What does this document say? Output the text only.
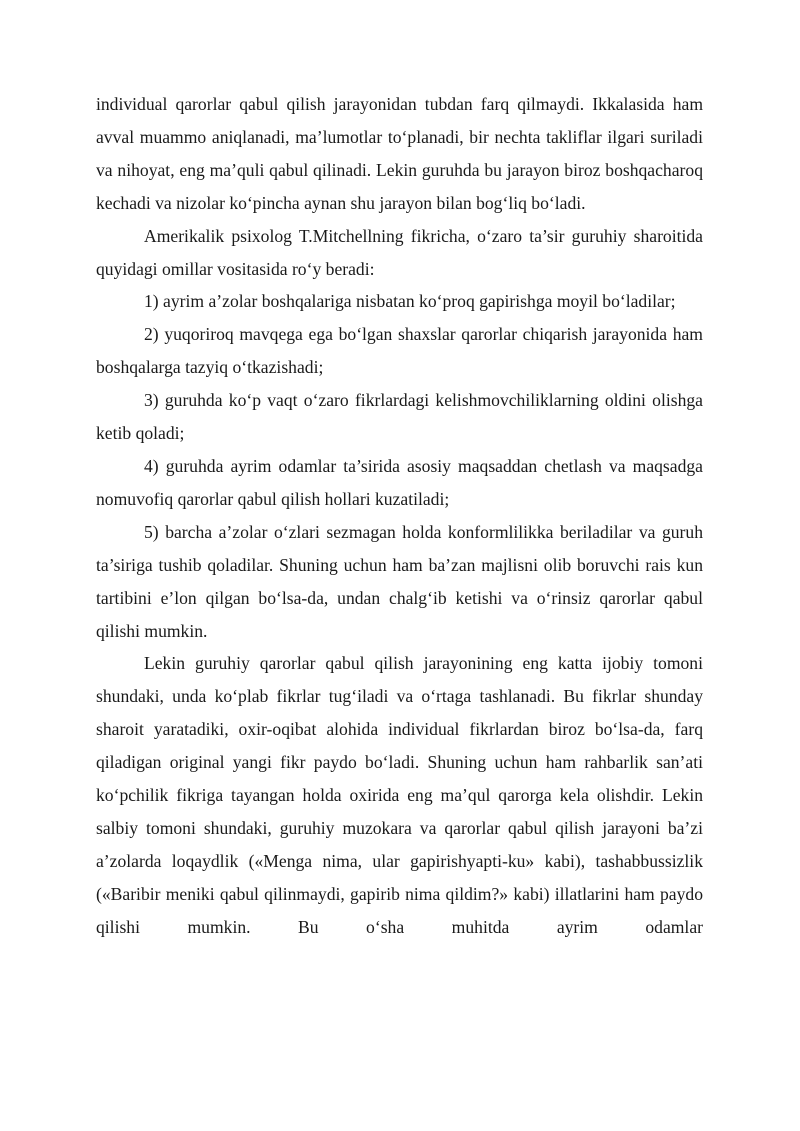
individual qarorlar qabul qilish jarayonidan tubdan farq qilmaydi. Ikkalasida ham avval muammo aniqlanadi, ma’lumotlar to‘planadi, bir nechta takliflar ilgari suriladi va nihoyat, eng ma’quli qabul qilinadi. Lekin guruhda bu jarayon biroz boshqacharoq kechadi va nizolar ko‘pincha aynan shu jarayon bilan bog‘liq bo‘ladi.

Amerikalik psixolog T.Mitchellning fikricha, o‘zaro ta’sir guruhiy sharoitida quyidagi omillar vositasida ro‘y beradi:

1) ayrim a’zolar boshqalariga nisbatan ko‘proq gapirishga moyil bo‘ladilar;

2) yuqoriroq mavqega ega bo‘lgan shaxslar qarorlar chiqarish jarayonida ham boshqalarga tazyiq o‘tkazishadi;

3) guruhda ko‘p vaqt o‘zaro fikrlardagi kelishmovchiliklarning oldini olishga ketib qoladi;

4) guruhda ayrim odamlar ta’sirida asosiy maqsaddan chetlash va maqsadga nomuvofiq qarorlar qabul qilish hollari kuzatiladi;

5) barcha a’zolar o‘zlari sezmagan holda konformlilikka beriladilar va guruh ta’siriga tushib qoladilar. Shuning uchun ham ba’zan majlisni olib boruvchi rais kun tartibini e’lon qilgan bo‘lsa-da, undan chalg‘ib ketishi va o‘rinsiz qarorlar qabul qilishi mumkin.

Lekin guruhiy qarorlar qabul qilish jarayonining eng katta ijobiy tomoni shundaki, unda ko‘plab fikrlar tug‘iladi va o‘rtaga tashlanadi. Bu fikrlar shunday sharoit yaratadiki, oxir-oqibat alohida individual fikrlardan biroz bo‘lsa-da, farq qiladigan original yangi fikr paydo bo‘ladi. Shuning uchun ham rahbarlik san’ati ko‘pchilik fikriga tayangan holda oxirida eng ma’qul qarorga kela olishdir. Lekin salbiy tomoni shundaki, guruhiy muzokara va qarorlar qabul qilish jarayoni ba’zi a’zolarda loqaydlik («Menga nima, ular gapirishyapti-ku» kabi), tashabbussizlik («Baribir meniki qabul qilinmaydi, gapirib nima qildim?» kabi) illatlarini ham paydo qilishi mumkin. Bu o‘sha muhitda ayrim odamlar
